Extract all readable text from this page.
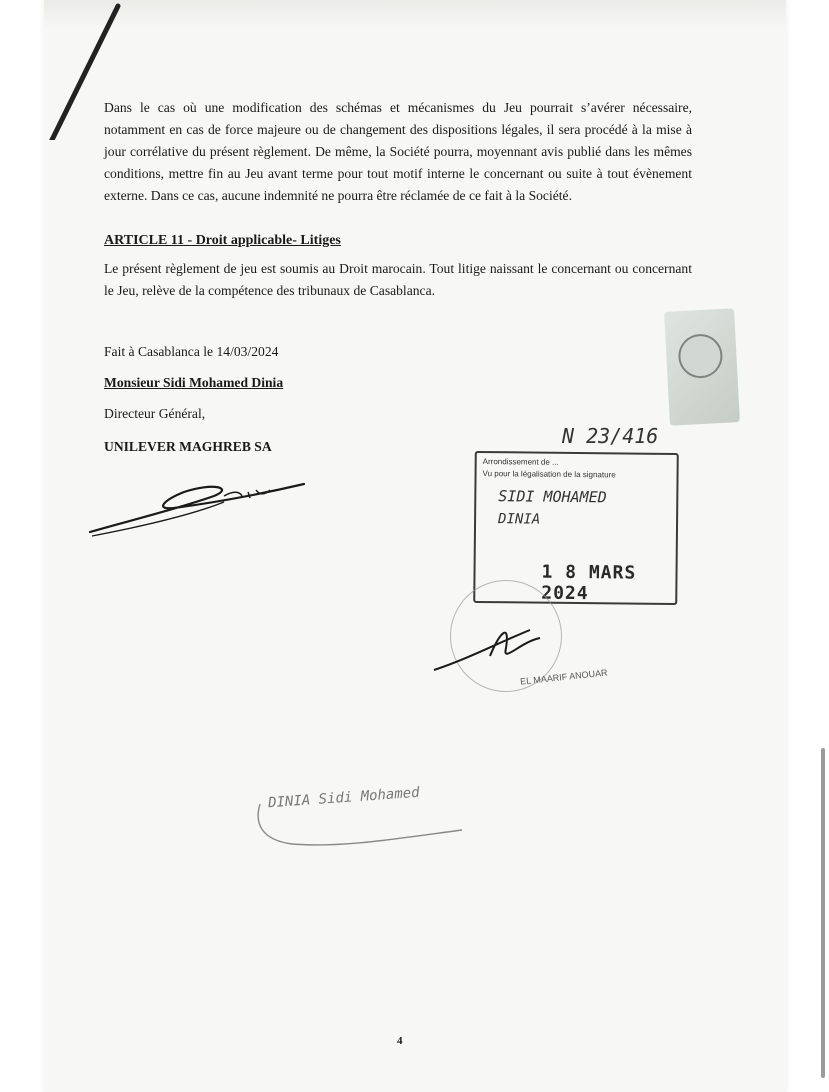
Dans le cas où une modification des schémas et mécanismes du Jeu pourrait s’avérer nécessaire, notamment en cas de force majeure ou de changement des dispositions légales, il sera procédé à la mise à jour corrélative du présent règlement. De même, la Société pourra, moyennant avis publié dans les mêmes conditions, mettre fin au Jeu avant terme pour tout motif interne le concernant ou suite à tout évènement externe. Dans ce cas, aucune indemnité ne pourra être réclamée de ce fait à la Société.
ARTICLE 11 - Droit applicable- Litiges
Le présent règlement de jeu est soumis au Droit marocain. Tout litige naissant le concernant ou concernant le Jeu, relève de la compétence des tribunaux de Casablanca.
Fait à Casablanca le 14/03/2024
Monsieur Sidi Mohamed Dinia
Directeur Général,
UNILEVER MAGHREB SA	N 23/416
Arrondissement de ...
Vu pour la légalisation de la signature
SIDI MOHAMED
DINIA
1 8 MARS 2024
EL MAARIF ANOUAR
DINIA Sidi Mohamed
4
